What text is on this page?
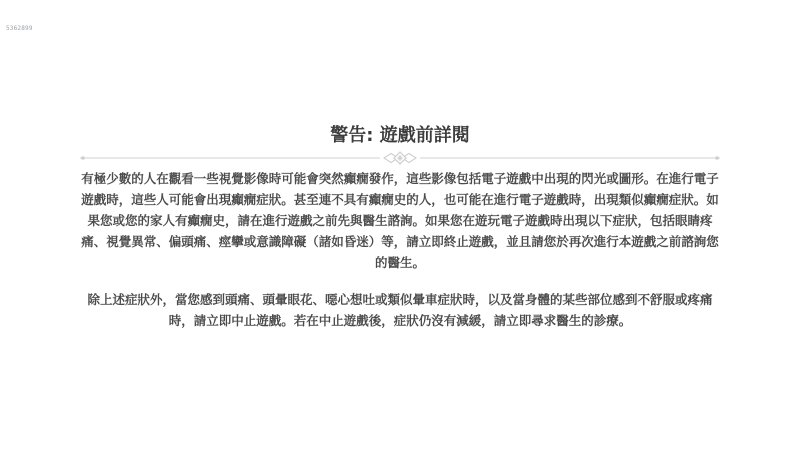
5362899
警告: 遊戲前詳閱
有極少數的人在觀看一些視覺影像時可能會突然癲癇發作，這些影像包括電子遊戲中出現的閃光或圖形。在進行電子遊戲時，這些人可能會出現癲癇症狀。甚至連不具有癲癇史的人，也可能在進行電子遊戲時，出現類似癲癇症狀。如果您或您的家人有癲癇史，請在進行遊戲之前先與醫生諮詢。如果您在遊玩電子遊戲時出現以下症狀，包括眼睛疼痛、視覺異常、偏頭痛、痙攣或意識障礙（諸如昏迷）等，請立即終止遊戲，並且請您於再次進行本遊戲之前諮詢您的醫生。
除上述症狀外，當您感到頭痛、頭暈眼花、噁心想吐或類似暈車症狀時，以及當身體的某些部位感到不舒服或疼痛時，請立即中止遊戲。若在中止遊戲後，症狀仍沒有減緩，請立即尋求醫生的診療。
